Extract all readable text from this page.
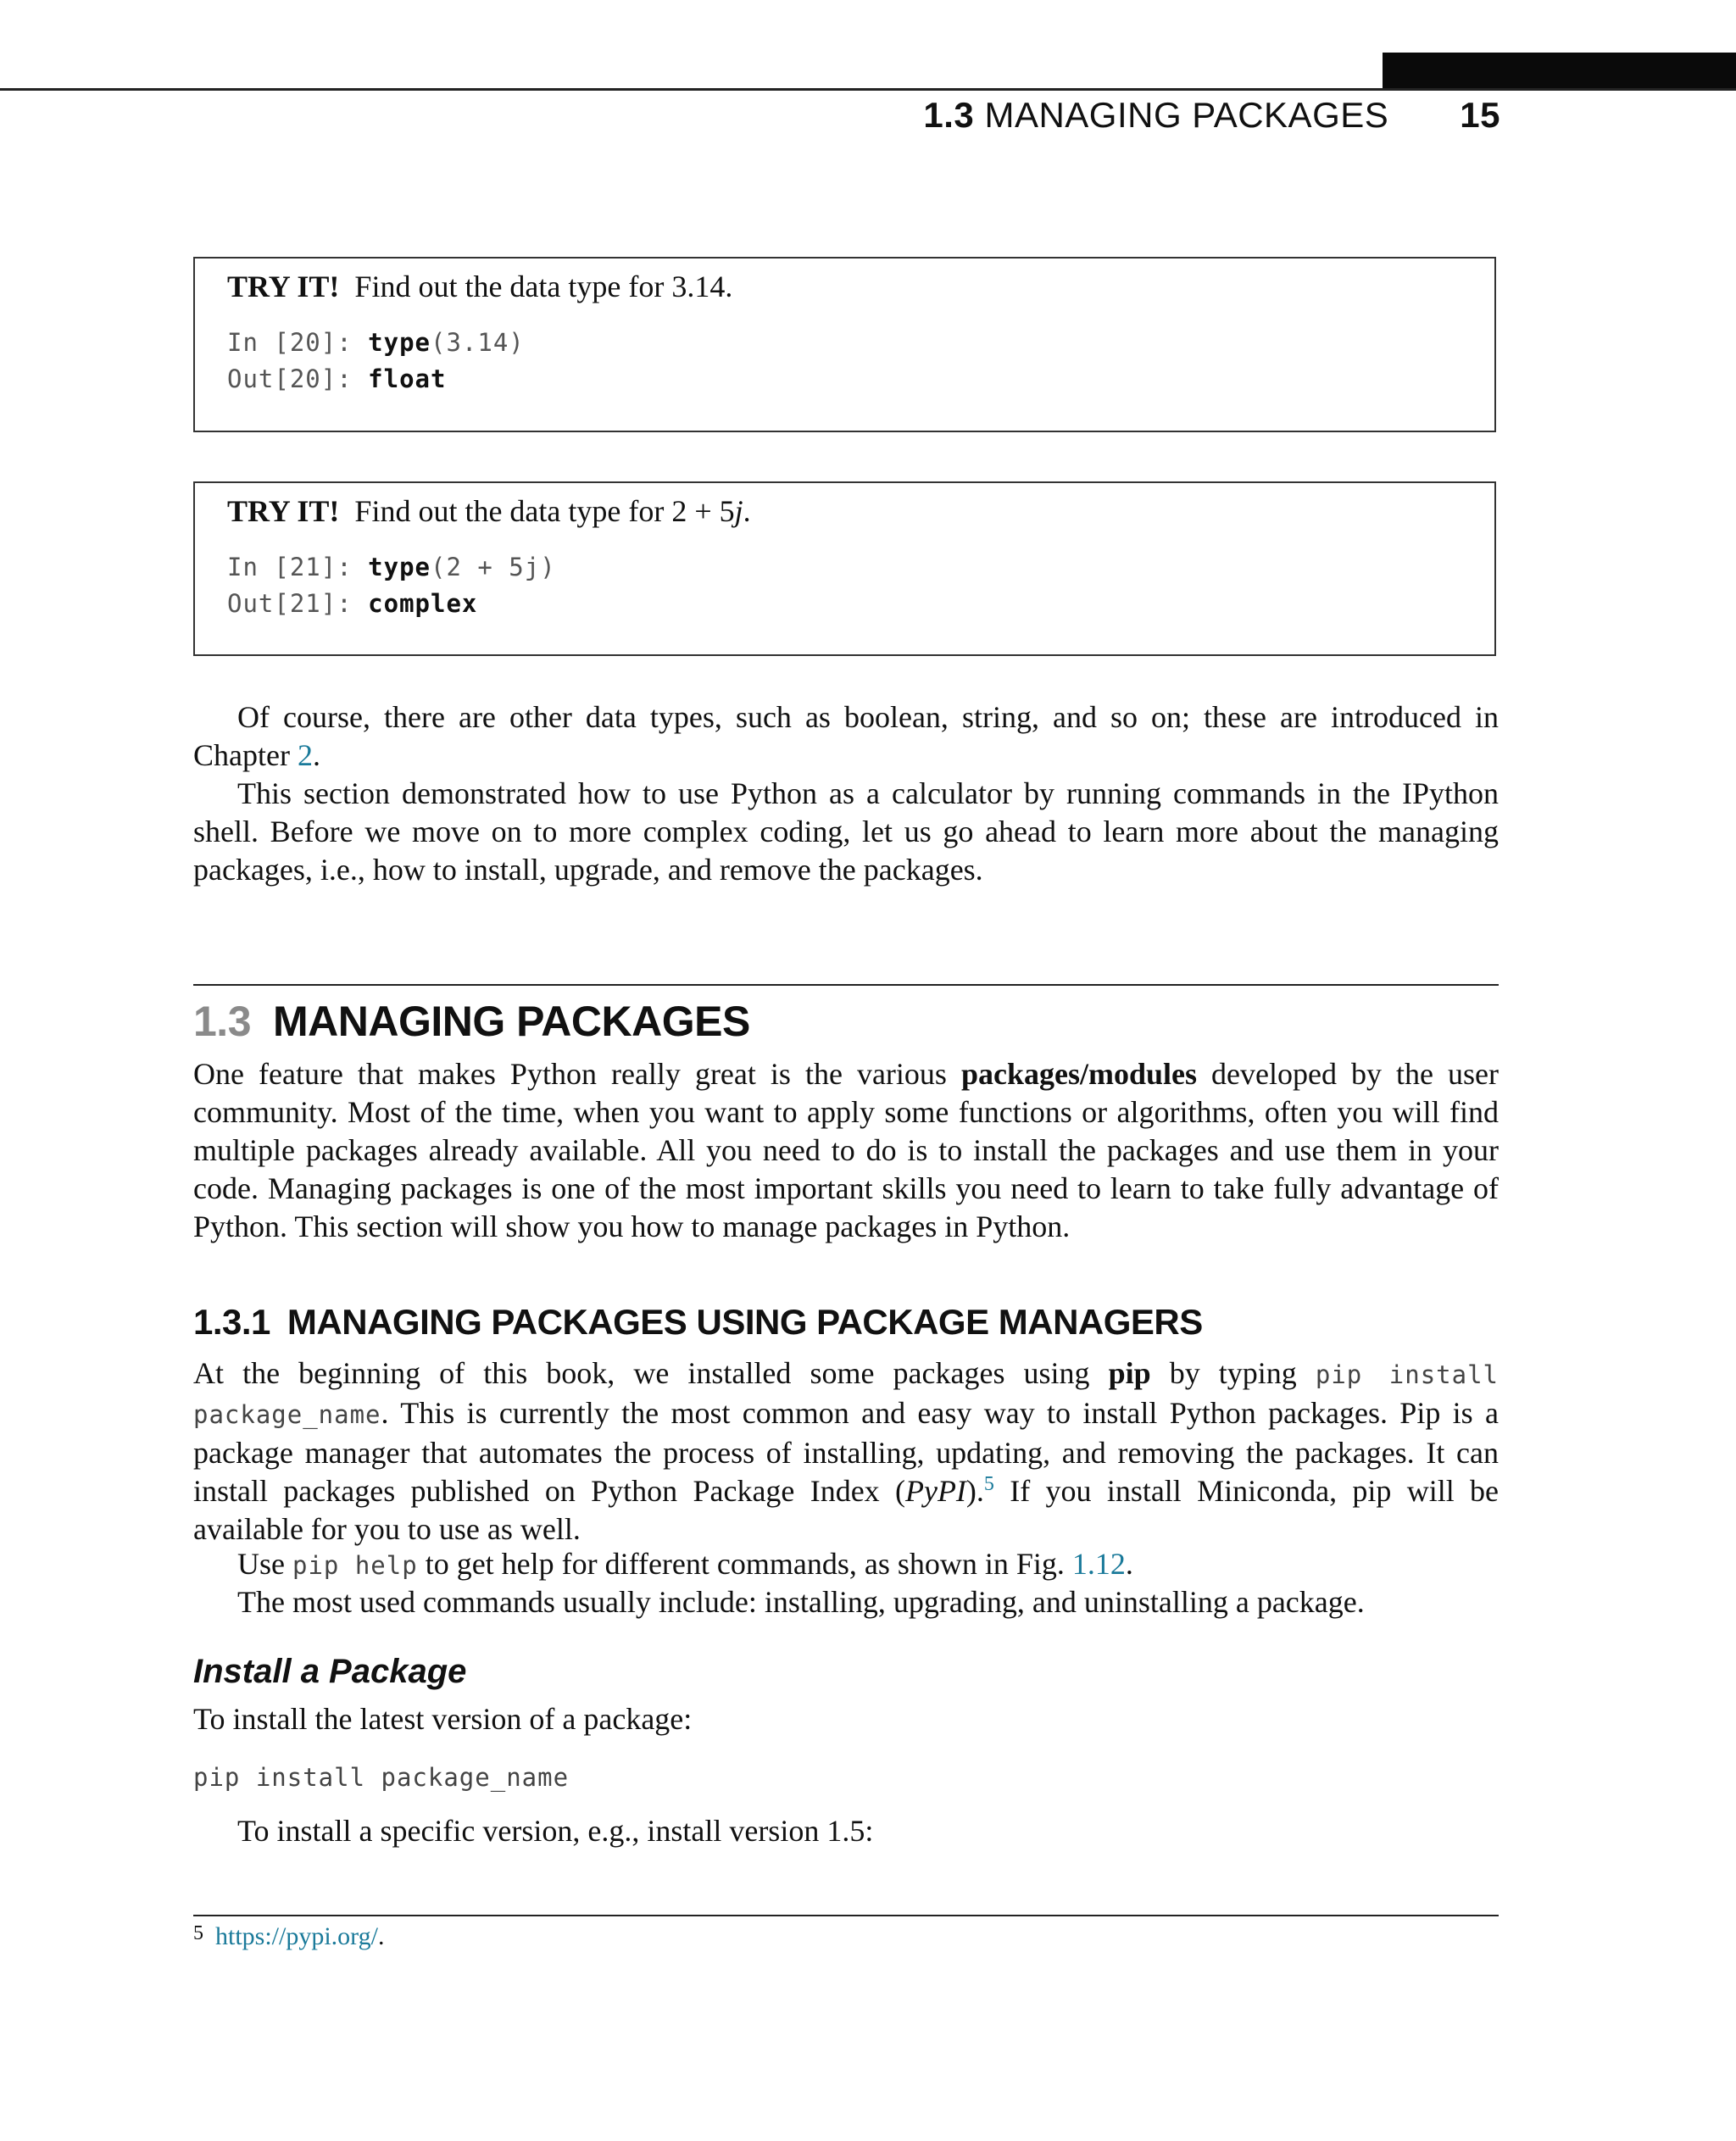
1.3 MANAGING PACKAGES 15
TRY IT! Find out the data type for 3.14.
In [20]: type(3.14)
Out[20]: float
TRY IT! Find out the data type for 2 + 5j.
In [21]: type(2 + 5j)
Out[21]: complex
Of course, there are other data types, such as boolean, string, and so on; these are introduced in Chapter 2.
This section demonstrated how to use Python as a calculator by running commands in the IPython shell. Before we move on to more complex coding, let us go ahead to learn more about the managing packages, i.e., how to install, upgrade, and remove the packages.
1.3 MANAGING PACKAGES
One feature that makes Python really great is the various packages/modules developed by the user community. Most of the time, when you want to apply some functions or algorithms, often you will find multiple packages already available. All you need to do is to install the packages and use them in your code. Managing packages is one of the most important skills you need to learn to take fully advantage of Python. This section will show you how to manage packages in Python.
1.3.1 MANAGING PACKAGES USING PACKAGE MANAGERS
At the beginning of this book, we installed some packages using pip by typing pip install package_name. This is currently the most common and easy way to install Python packages. Pip is a package manager that automates the process of installing, updating, and removing the packages. It can install packages published on Python Package Index (PyPI).$^5$ If you install Miniconda, pip will be available for you to use as well.
Use pip help to get help for different commands, as shown in Fig. 1.12.
The most used commands usually include: installing, upgrading, and uninstalling a package.
Install a Package
To install the latest version of a package:
pip install package_name
To install a specific version, e.g., install version 1.5:
$^5$ https://pypi.org/.
